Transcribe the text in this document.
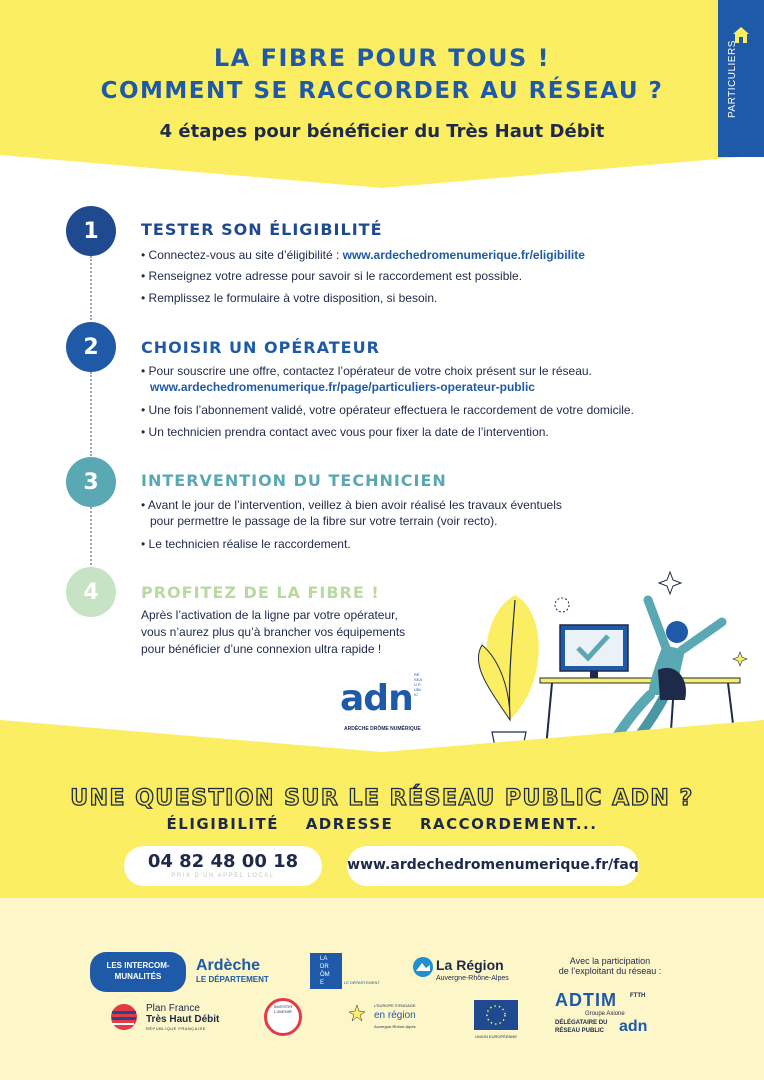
PARTICULIERS
LA FIBRE POUR TOUS !
COMMENT SE RACCORDER AU RÉSEAU ?
4 étapes pour bénéficier du Très Haut Débit
1	TESTER SON ÉLIGIBILITÉ
• Connectez-vous au site d’éligibilité : www.ardechedromenumerique.fr/eligibilite
• Renseignez votre adresse pour savoir si le raccordement est possible.
• Remplissez le formulaire à votre disposition, si besoin.
2	CHOISIR UN OPÉRATEUR
• Pour souscrire une offre, contactez l’opérateur de votre choix présent sur le réseau.
www.ardechedromenumerique.fr/page/particuliers-operateur-public
• Une fois l’abonnement validé, votre opérateur effectuera le raccordement de votre domicile.
• Un technicien prendra contact avec vous pour fixer la date de l’intervention.
3	INTERVENTION DU TECHNICIEN
• Avant le jour de l’intervention, veillez à bien avoir réalisé les travaux éventuels
pour permettre le passage de la fibre sur votre terrain (voir recto).
• Le technicien réalise le raccordement.
4	PROFITEZ DE LA FIBRE !
Après l’activation de la ligne par votre opérateur,
vous n’aurez plus qu’à brancher vos équipements
pour bénéficier d’une connexion ultra rapide !
RÉSEAU PUBLIC
adn
ARDÈCHE DRÔME NUMÉRIQUE
UNE QUESTION SUR LE RÉSEAU PUBLIC ADN ?
ÉLIGIBILITÉ ADRESSE RACCORDEMENT...
04 82 48 00 18
PRIX D’UN APPEL LOCAL
www.ardechedromenumerique.fr/faq
LES INTERCOM-MUNALITÉS
Ardèche
LE DÉPARTEMENT
LA DRÔME	LE DÉPARTEMENT
La Région
Auvergne-Rhône-Alpes
Avec la participation
de l’exploitant du réseau :
Plan France
Très Haut Débit
RÉPUBLIQUE FRANÇAISE
INVESTIR L’AVENIR
L’EUROPE S’ENGAGE
en région
Auvergne-Rhône-Alpes
UNION EUROPÉENNE
ADTIM FTTH
Groupe Axione
DÉLÉGATAIRE DU
RÉSEAU PUBLIC adn
